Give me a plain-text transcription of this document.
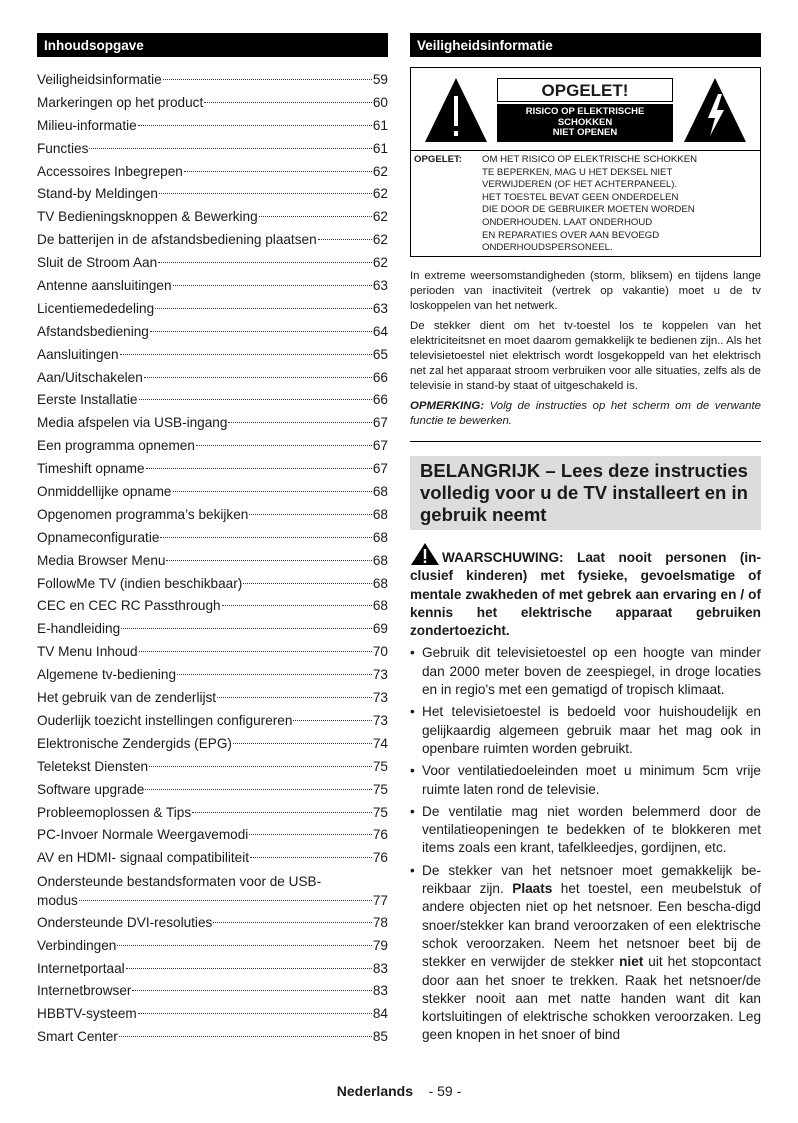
Inhoudsopgave
Veiligheidsinformatie	59
Markeringen op het product	60
Milieu-informatie	61
Functies	61
Accessoires Inbegrepen	62
Stand-by Meldingen	62
TV Bedieningsknoppen & Bewerking	62
De batterijen in de afstandsbediening plaatsen	62
Sluit de Stroom Aan	62
Antenne aansluitingen	63
Licentiemededeling	63
Afstandsbediening	64
Aansluitingen	65
Aan/Uitschakelen	66
Eerste Installatie	66
Media afspelen via USB-ingang	67
Een programma opnemen	67
Timeshift opname	67
Onmiddellijke opname	68
Opgenomen programma’s bekijken	68
Opnameconfiguratie	68
Media Browser Menu	68
FollowMe TV (indien beschikbaar)	68
CEC en CEC RC Passthrough	68
E-handleiding	69
TV Menu Inhoud	70
Algemene tv-bediening	73
Het gebruik van de zenderlijst	73
Ouderlijk toezicht instellingen configureren	73
Elektronische Zendergids (EPG)	74
Teletekst Diensten	75
Software upgrade	75
Probleemoplossen & Tips	75
PC-Invoer Normale Weergavemodi	76
AV en HDMI- signaal compatibiliteit	76
Ondersteunde bestandsformaten voor de USB-
modus	77
Ondersteunde DVI-resoluties	78
Verbindingen	79
Internetportaal	83
Internetbrowser	83
HBBTV-systeem	84
Smart Center	85
Veiligheidsinformatie
OPGELET!
RISICO OP ELEKTRISCHE
SCHOKKEN
NIET OPENEN
OPGELET:	OM HET RISICO OP ELEKTRISCHE SCHOKKEN
TE BEPERKEN, MAG U HET DEKSEL NIET
VERWIJDEREN (OF HET ACHTERPANEEL).
HET TOESTEL BEVAT GEEN ONDERDELEN
DIE DOOR DE GEBRUIKER MOETEN WORDEN
ONDERHOUDEN. LAAT ONDERHOUD
EN REPARATIES OVER AAN BEVOEGD
ONDERHOUDSPERSONEEL.

In extreme weersomstandigheden (storm, bliksem) en tijdens lange perioden van inactiviteit (vertrek op vakantie) moet u de tv loskoppelen van het netwerk.

De stekker dient om het tv-toestel los te koppelen van het elektriciteitsnet en moet daarom gemakkelijk te bedienen zijn.. Als het televisietoestel niet elektrisch wordt losgekoppeld van het elektrisch net zal het apparaat stroom verbruiken voor alle situaties, zelfs als de televisie in stand-by staat of uitgeschakeld is.

OPMERKING: Volg de instructies op het scherm om de verwante functie te bewerken.

BELANGRIJK – Lees deze instructies volledig voor u de TV installeert en in gebruik neemt
WAARSCHUWING: Laat nooit personen (in-clusief kinderen) met fysieke, gevoelsmatige of mentale zwakheden of met gebrek aan ervaring en / of kennis het elektrische apparaat gebruiken zondertoezicht.
• Gebruik dit televisietoestel op een hoogte van minder dan 2000 meter boven de zeespiegel, in droge locaties en in regio's met een gematigd of tropisch klimaat.
• Het televisietoestel is bedoeld voor huishoudelijk en gelijkaardig algemeen gebruik maar het mag ook in openbare ruimten worden gebruikt.
• Voor ventilatiedoeleinden moet u minimum 5cm vrije ruimte laten rond de televisie.
• De ventilatie mag niet worden belemmerd door de ventilatieopeningen te bedekken of te blokkeren met items zoals een krant, tafelkleedjes, gordijnen, etc.
• De stekker van het netsnoer moet gemakkelijk be-reikbaar zijn. Plaats het toestel, een meubelstuk of andere objecten niet op het netsnoer. Een bescha-digd snoer/stekker kan brand veroorzaken of een elektrische schok veroorzaken. Neem het netsnoer beet bij de stekker en verwijder de stekker niet uit het stopcontact door aan het snoer te trekken. Raak het netsnoer/de stekker nooit aan met natte handen want dit kan kortsluitingen of elektrische schokken veroorzaken. Leg geen knopen in het snoer of bind
Nederlands - 59 -
